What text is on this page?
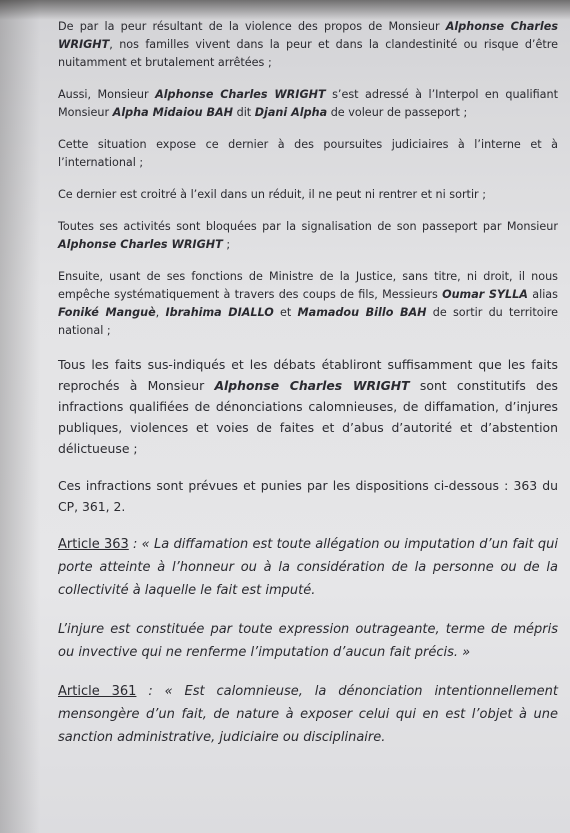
De par la peur résultant de la violence des propos de Monsieur Alphonse Charles WRIGHT, nos familles vivent dans la peur et dans la clandestinité ou risque d’être nuitamment et brutalement arrêtées ;

Aussi, Monsieur Alphonse Charles WRIGHT s’est adressé à l’Interpol en qualifiant Monsieur Alpha Midaiou BAH dit Djani Alpha de voleur de passeport ;

Cette situation expose ce dernier à des poursuites judiciaires à l’interne et à l’international ;

Ce dernier est croitré à l’exil dans un réduit, il ne peut ni rentrer et ni sortir ;

Toutes ses activités sont bloquées par la signalisation de son passeport par Monsieur Alphonse Charles WRIGHT ;

Ensuite, usant de ses fonctions de Ministre de la Justice, sans titre, ni droit, il nous empêche systématiquement à travers des coups de fils, Messieurs Oumar SYLLA alias Foniké Manguè, Ibrahima DIALLO et Mamadou Billo BAH de sortir du territoire national ;

Tous les faits sus-indiqués et les débats établiront suffisamment que les faits reprochés à Monsieur Alphonse Charles WRIGHT sont constitutifs des infractions qualifiées de dénonciations calomnieuses, de diffamation, d’injures publiques, violences et voies de faites et d’abus d’autorité et d’abstention délictueuse ;

Ces infractions sont prévues et punies par les dispositions ci-dessous : 363 du CP, 361, 2.

Article 363 : « La diffamation est toute allégation ou imputation d’un fait qui porte atteinte à l’honneur ou à la considération de la personne ou de la collectivité à laquelle le fait est imputé.

L’injure est constituée par toute expression outrageante, terme de mépris ou invective qui ne renferme l’imputation d’aucun fait précis. »

Article 361 : « Est calomnieuse, la dénonciation intentionnellement mensongère d’un fait, de nature à exposer celui qui en est l’objet à une sanction administrative, judiciaire ou disciplinaire.
